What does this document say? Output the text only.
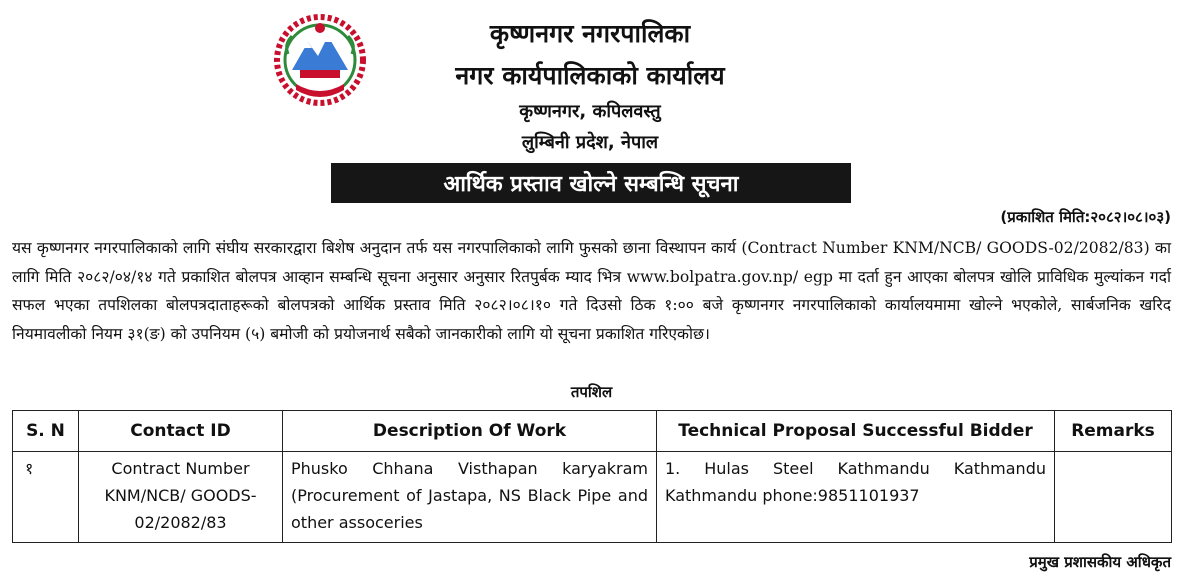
⠀
कृष्णनगर नगरपालिका
नगर कार्यपालिकाको कार्यालय
कृष्णनगर, कपिलवस्तु
लुम्बिनी प्रदेश, नेपाल
आर्थिक प्रस्ताव खोल्ने सम्बन्धि सूचना
(प्रकाशित मिति:२०८२।०८।०३)
यस कृष्णनगर नगरपालिकाको लागि संघीय सरकारद्वारा बिशेष अनुदान तर्फ यस नगरपालिकाको लागि फुसको छाना विस्थापन कार्य (Contract Number KNM/NCB/ GOODS-02/2082/83) का लागि मिति २०८२/०४/१४ गते प्रकाशित बोलपत्र आव्हान सम्बन्धि सूचना अनुसार अनुसार रितपुर्बक म्याद भित्र www.bolpatra.gov.np/ egp मा दर्ता हुन आएका बोलपत्र खोलि प्राविधिक मुल्यांकन गर्दा सफल भएका तपशिलका बोलपत्रदाताहरूको बोलपत्रको आर्थिक प्रस्ताव मिति २०८२।०८।१० गते दिउसो ठिक १:०० बजे कृष्णनगर नगरपालिकाको कार्यालयमामा खोल्ने भएकोले, सार्बजनिक खरिद नियमावलीको नियम ३१(ङ) को उपनियम (५) बमोजी को प्रयोजनार्थ सबैको जानकारीको लागि यो सूचना प्रकाशित गरिएकोछ।
तपशिल
S. N	Contact ID	Description Of Work	Technical Proposal Successful Bidder	Remarks
१	Contract Number KNM/NCB/ GOODS-02/2082/83	Phusko Chhana Visthapan karyakram (Procurement of Jastapa, NS Black Pipe and other assoceries	1. Hulas Steel Kathmandu Kathmandu Kathmandu phone:9851101937	
प्रमुख प्रशासकीय अधिकृत
